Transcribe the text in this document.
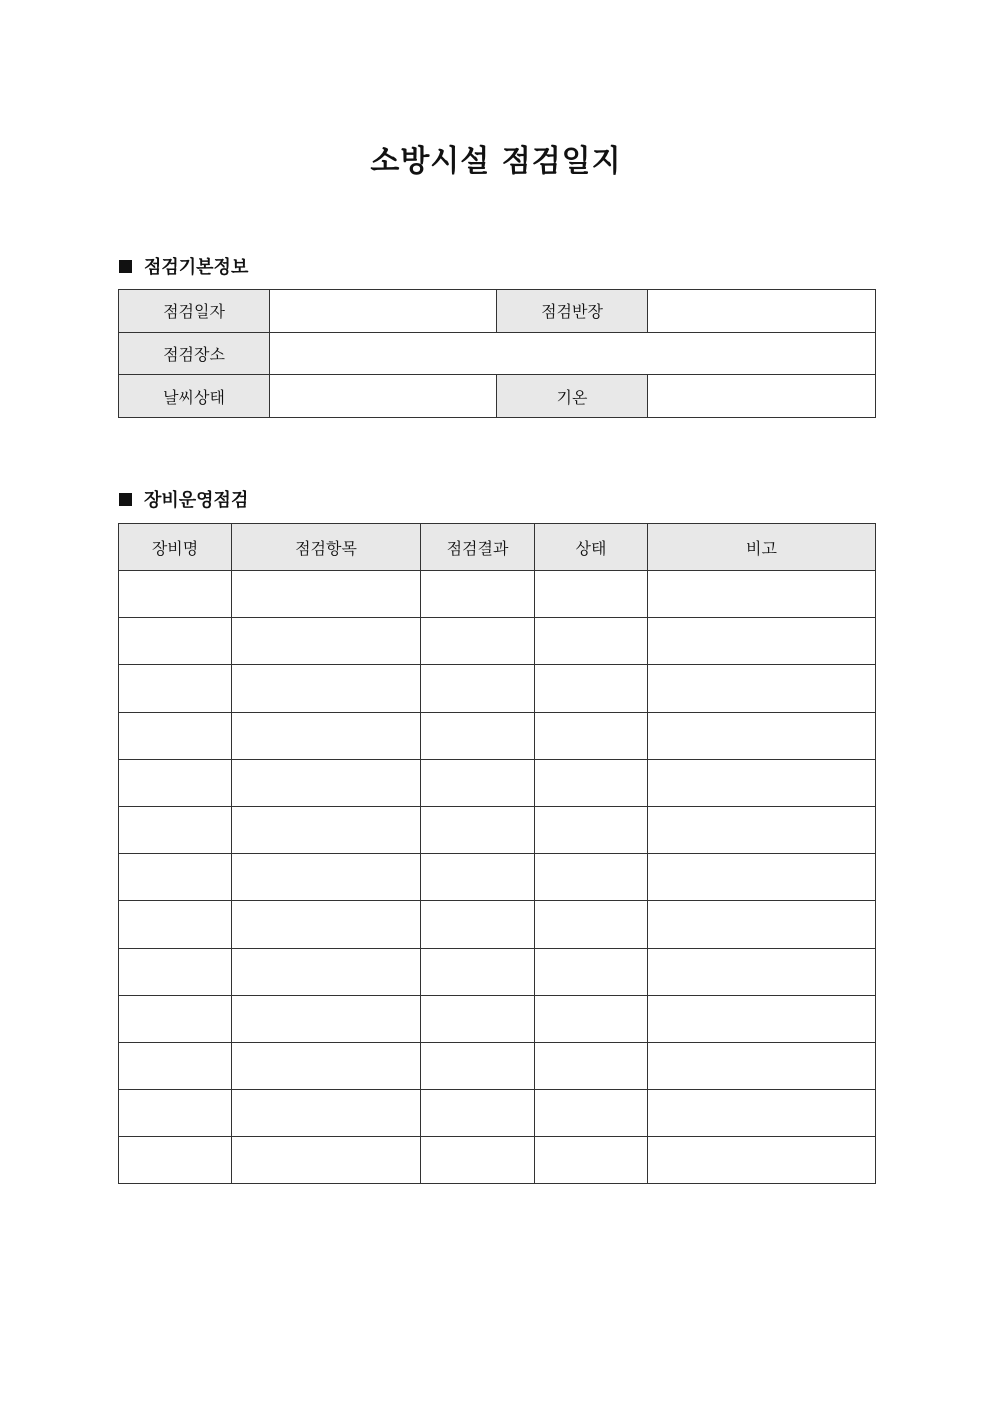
소방시설 점검일지
점검기본정보
점검일자		점검반장	
점검장소			
날씨상태		기온	
장비운영점검
장비명	점검항목	점검결과	상태	비고
